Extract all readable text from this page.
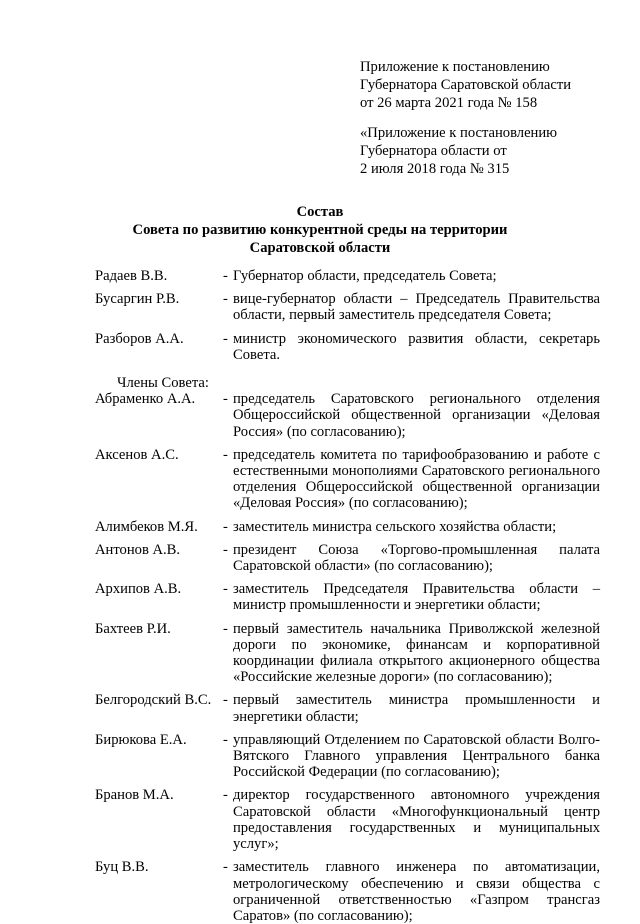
Приложение к постановлению

Губернатора Саратовской области

от 26 марта 2021 года № 158

«Приложение к постановлению

Губернатора области от

2 июля 2018 года № 315

Состав
Совета по развитию конкурентной среды на территории
Саратовской области
Радаев В.В.	- Губернатор области, председатель Совета;
Бусаргин Р.В.	- вице-губернатор области – Председатель Правительства области, первый заместитель председателя Совета;
Разборов А.А.	- министр экономического развития области, секретарь Совета.
Члены Совета:
Абраменко А.А.	- председатель Саратовского регионального отделения Общероссийской общественной организации «Деловая Россия» (по согласованию);
Аксенов А.С.	- председатель комитета по тарифообразованию и работе с естественными монополиями Саратовского регионального отделения Общероссийской общественной организации «Деловая Россия» (по согласованию);
Алимбеков М.Я.	- заместитель министра сельского хозяйства области;
Антонов А.В.	- президент Союза «Торгово-промышленная палата Саратовской области» (по согласованию);
Архипов А.В.	- заместитель Председателя Правительства области – министр промышленности и энергетики области;
Бахтеев Р.И.	- первый заместитель начальника Приволжской железной дороги по экономике, финансам и корпоративной координации филиала открытого акционерного общества «Российские железные дороги» (по согласованию);
Белгородский В.С. - первый заместитель министра промышленности и энергетики области;
Бирюкова Е.А.	- управляющий Отделением по Саратовской области Волго-Вятского Главного управления Центрального банка Российской Федерации (по согласованию);
Бранов М.А.	- директор государственного автономного учреждения Саратовской области «Многофункциональный центр предоставления государственных и муниципальных услуг»;
Буц В.В.	- заместитель главного инженера по автоматизации, метрологическому обеспечению и связи общества с ограниченной ответственностью «Газпром трансгаз Саратов» (по согласованию);
